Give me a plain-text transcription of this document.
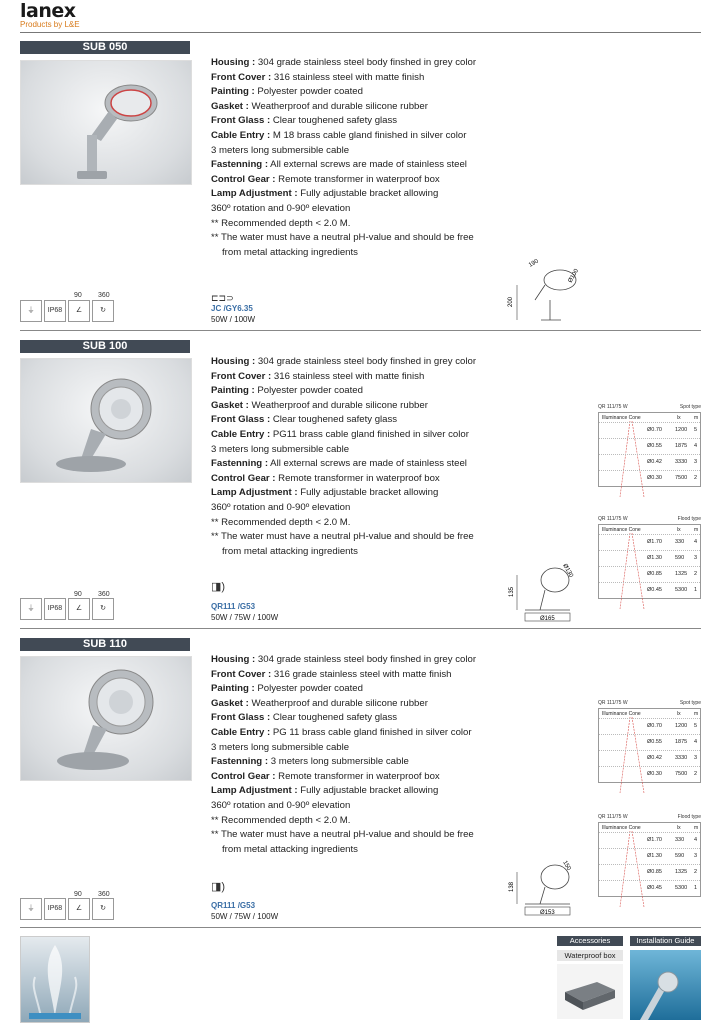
lanex
Products by L&E
SUB 050
Housing : 304 grade stainless steel body finshed in grey color
Front Cover : 316 stainless steel with matte finish
Painting : Polyester powder coated
Gasket : Weatherproof and durable silicone rubber
Front Glass : Clear toughened safety glass
Cable Entry : M 18 brass cable gland finished in silver color
3 meters long submersible cable
Fastenning : All external screws are made of stainless steel
Control Gear : Remote transformer in waterproof box
Lamp Adjustment : Fully adjustable bracket allowing
360º rotation and 0-90º elevation
** Recommended depth < 2.0 M.
** The water must have a neutral pH-value and should be free
from metal attacking ingredients
200
190
Ø100
⏚ IP68 ∠	↻
90 360	⊏⊐⊃
JC /GY6.35
50W / 100W
SUB 100
Housing : 304 grade stainless steel body finshed in grey color
Front Cover : 316 stainless steel with matte finish
Painting : Polyester powder coated
Gasket : Weatherproof and durable silicone rubber
Front Glass : Clear toughened safety glass
Cable Entry : PG11 brass cable gland finished in silver color
3 meters long submersible cable
Fastenning : All external screws are made of stainless steel
Control Gear : Remote transformer in waterproof box
Lamp Adjustment : Fully adjustable bracket allowing
360º rotation and 0-90º elevation
** Recommended depth < 2.0 M.
** The water must have a neutral pH-value and should be free
from metal attacking ingredients
135
Ø130
Ø165
⏚ IP68 ∠	↻
90 360
◨)
QR111 /G53
50W / 75W / 100W
SUB 110
Housing : 304 grade stainless steel body finshed in grey color
Front Cover : 316 grade stainless steel with matte finish
Painting : Polyester powder coated
Gasket : Weatherproof and durable silicone rubber
Front Glass : Clear toughened safety glass
Cable Entry : PG 11 brass cable gland finished in silver color
3 meters long submersible cable
Fastenning : 3 meters long submersible cable
Control Gear : Remote transformer in waterproof box
Lamp Adjustment : Fully adjustable bracket allowing
360º rotation and 0-90º elevation
** Recommended depth < 2.0 M.
** The water must have a neutral pH-value and should be free
from metal attacking ingredients
138
150
Ø153
⏚ IP68 ∠	↻
90 360
◨)
QR111 /G53
50W / 75W / 100W
QR 111/75 W	Spot type
Illuminance Cone	lx	m
Ø0.70 1200 5
Ø0.55 1875 4
Ø0.42 3330 3
Ø0.30 7500 2
QR 111/75 W	Flood type
Illuminance Cone	lx	m
Ø1.70 330 4
Ø1.30 590 3
Ø0.85 1325 2
Ø0.45 5300 1
QR 111/75 W	Spot type
Illuminance Cone	lx	m
Ø0.70 1200 5
Ø0.55 1875 4
Ø0.42 3330 3
Ø0.30 7500 2
QR 111/75 W	Flood type
Illuminance Cone	lx	m
Ø1.70 330 4
Ø1.30 590 3
Ø0.85 1325 2
Ø0.45 5300 1
Accessories
Waterproof box
Installation Guide
